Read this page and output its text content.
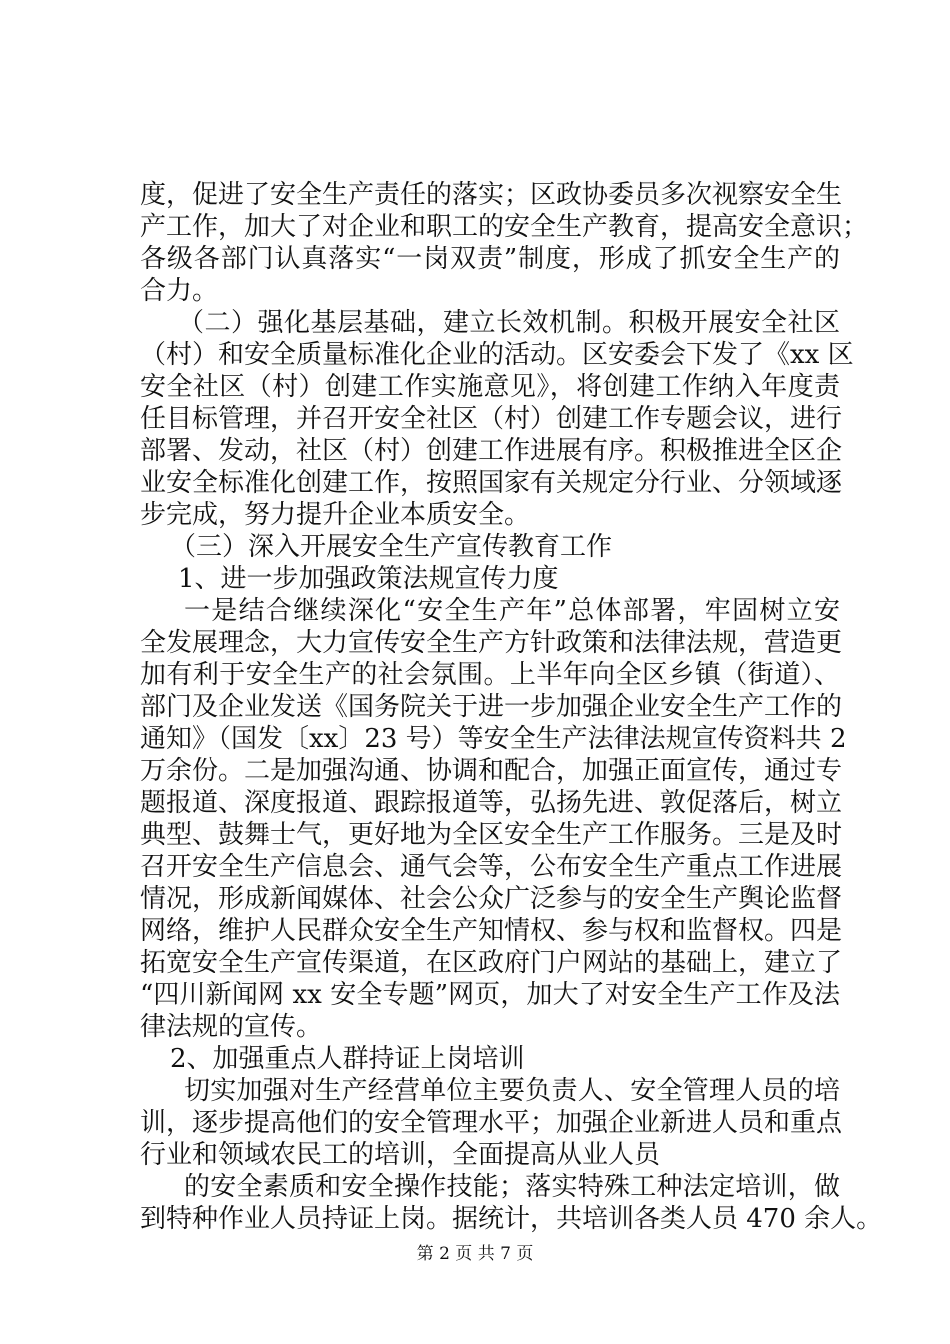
度，促进了安全生产责任的落实；区政协委员多次视察安全生
产工作，加大了对企业和职工的安全生产教育，提高安全意识；
各级各部门认真落实“一岗双责”制度，形成了抓安全生产的
合力。
（二）强化基层基础，建立长效机制。积极开展安全社区
（村）和安全质量标准化企业的活动。区安委会下发了《xx 区
安全社区（村）创建工作实施意见》，将创建工作纳入年度责
任目标管理，并召开安全社区（村）创建工作专题会议，进行
部署、发动，社区（村）创建工作进展有序。积极推进全区企
业安全标准化创建工作，按照国家有关规定分行业、分领域逐
步完成，努力提升企业本质安全。
（三）深入开展安全生产宣传教育工作
1、进一步加强政策法规宣传力度
一是结合继续深化“安全生产年”总体部署，牢固树立安
全发展理念，大力宣传安全生产方针政策和法律法规，营造更
加有利于安全生产的社会氛围。上半年向全区乡镇（街道）、
部门及企业发送《国务院关于进一步加强企业安全生产工作的
通知》（国发〔xx〕23 号）等安全生产法律法规宣传资料共 2
万余份。二是加强沟通、协调和配合，加强正面宣传，通过专
题报道、深度报道、跟踪报道等，弘扬先进、敦促落后，树立
典型、鼓舞士气，更好地为全区安全生产工作服务。三是及时
召开安全生产信息会、通气会等，公布安全生产重点工作进展
情况，形成新闻媒体、社会公众广泛参与的安全生产舆论监督
网络，维护人民群众安全生产知情权、参与权和监督权。四是
拓宽安全生产宣传渠道，在区政府门户网站的基础上，建立了
“四川新闻网 xx 安全专题”网页，加大了对安全生产工作及法
律法规的宣传。
2、加强重点人群持证上岗培训
切实加强对生产经营单位主要负责人、安全管理人员的培
训，逐步提高他们的安全管理水平；加强企业新进人员和重点
行业和领域农民工的培训，全面提高从业人员
的安全素质和安全操作技能；落实特殊工种法定培训，做
到特种作业人员持证上岗。据统计，共培训各类人员 470 余人。
第 2 页 共 7 页
